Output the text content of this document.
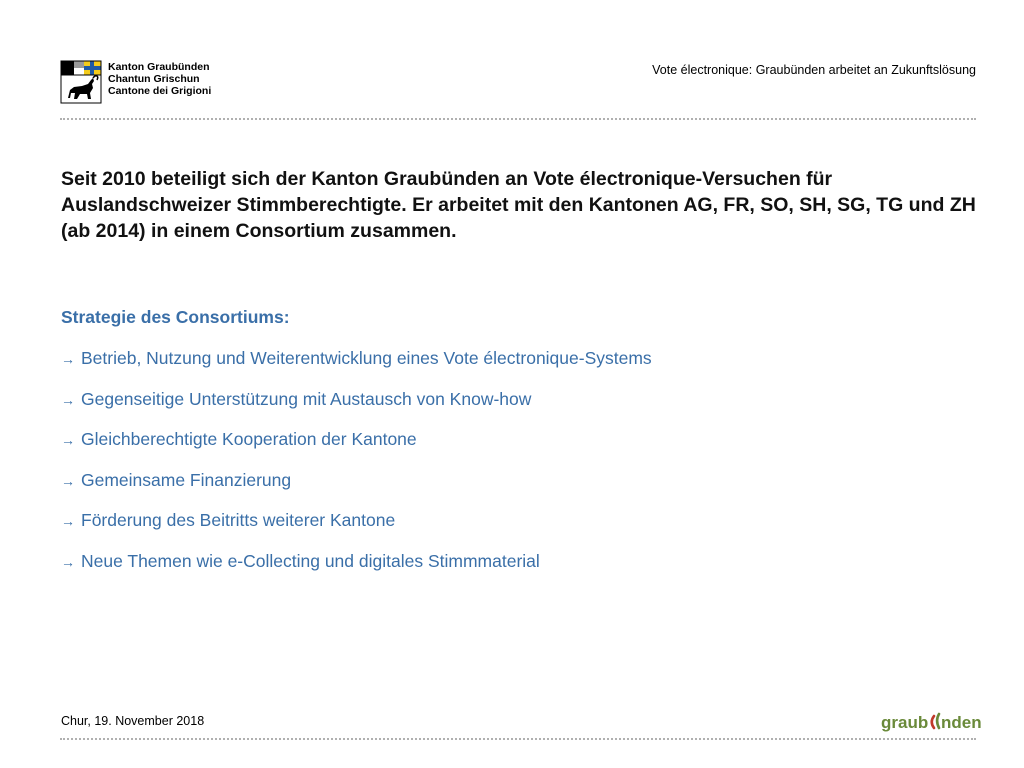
Kanton Graubünden
Chantun Grischun
Cantone dei Grigioni
Vote électronique: Graubünden arbeitet an Zukunftslösung
Seit 2010 beteiligt sich der Kanton Graubünden an Vote électronique-Versuchen für Auslandschweizer Stimmberechtigte. Er arbeitet mit den Kantonen AG, FR, SO, SH, SG, TG und ZH (ab 2014) in einem Consortium zusammen.
Strategie des Consortiums:
→ Betrieb, Nutzung und Weiterentwicklung eines Vote électronique-Systems
→ Gegenseitige Unterstützung mit Austausch von Know-how
→ Gleichberechtigte Kooperation der Kantone
→ Gemeinsame Finanzierung
→ Förderung des Beitritts weiterer Kantone
→ Neue Themen wie e-Collecting und digitales Stimmmaterial
Chur, 19. November 2018	graub nden
